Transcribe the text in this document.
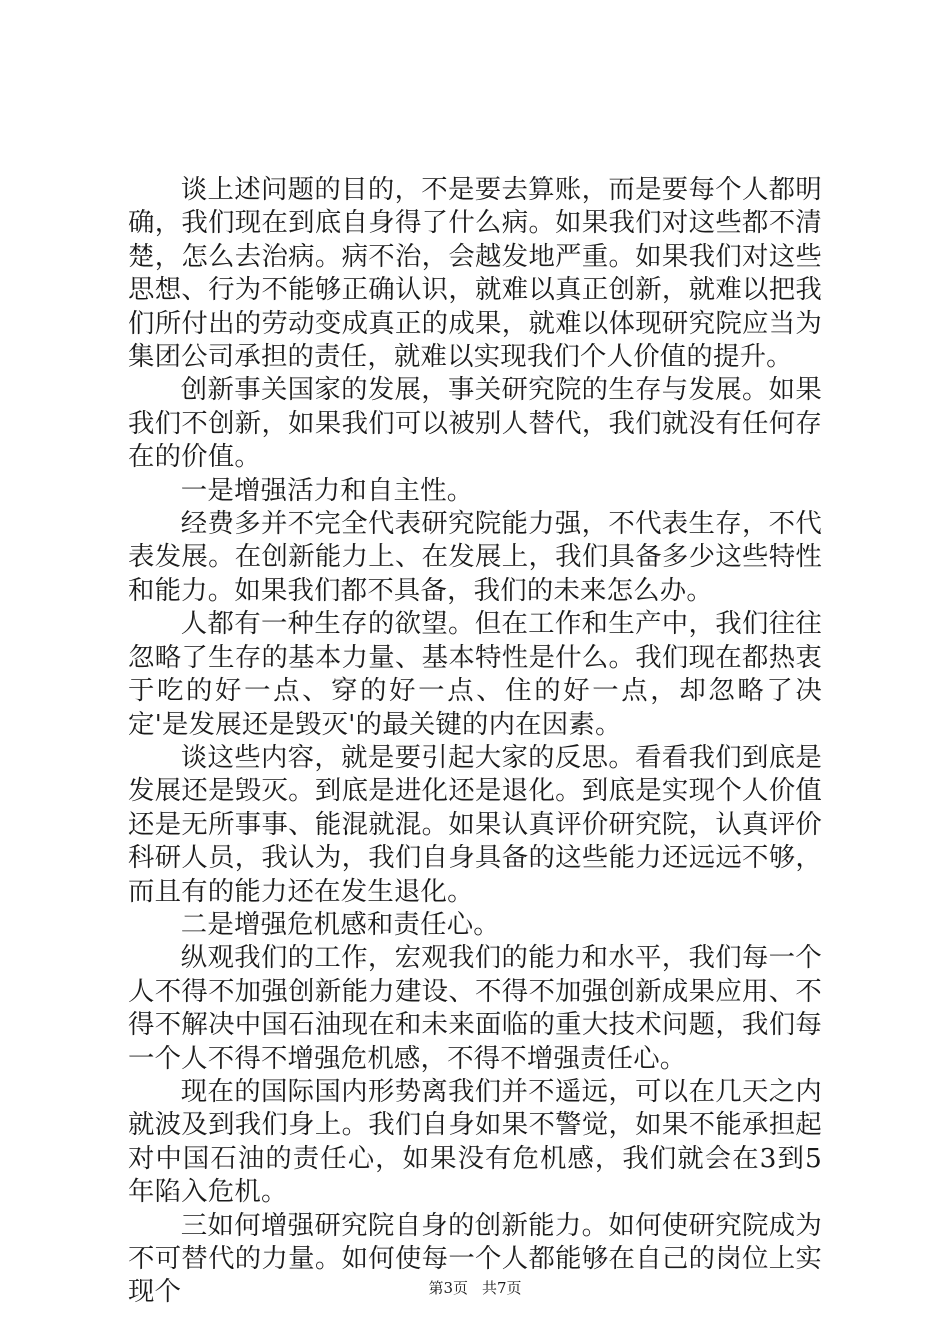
谈上述问题的目的，不是要去算账，而是要每个人都明确，我们现在到底自身得了什么病。如果我们对这些都不清楚，怎么去治病。病不治，会越发地严重。如果我们对这些思想、行为不能够正确认识，就难以真正创新，就难以把我们所付出的劳动变成真正的成果，就难以体现研究院应当为集团公司承担的责任，就难以实现我们个人价值的提升。

创新事关国家的发展，事关研究院的生存与发展。如果我们不创新，如果我们可以被别人替代，我们就没有任何存在的价值。

一是增强活力和自主性。

经费多并不完全代表研究院能力强，不代表生存，不代表发展。在创新能力上、在发展上，我们具备多少这些特性和能力。如果我们都不具备，我们的未来怎么办。

人都有一种生存的欲望。但在工作和生产中，我们往往忽略了生存的基本力量、基本特性是什么。我们现在都热衷于吃的好一点、穿的好一点、住的好一点，却忽略了决定'是发展还是毁灭'的最关键的内在因素。

谈这些内容，就是要引起大家的反思。看看我们到底是发展还是毁灭。到底是进化还是退化。到底是实现个人价值还是无所事事、能混就混。如果认真评价研究院，认真评价科研人员，我认为，我们自身具备的这些能力还远远不够，而且有的能力还在发生退化。

二是增强危机感和责任心。

纵观我们的工作，宏观我们的能力和水平，我们每一个人不得不加强创新能力建设、不得不加强创新成果应用、不得不解决中国石油现在和未来面临的重大技术问题，我们每一个人不得不增强危机感，不得不增强责任心。

现在的国际国内形势离我们并不遥远，可以在几天之内就波及到我们身上。我们自身如果不警觉，如果不能承担起对中国石油的责任心，如果没有危机感，我们就会在3到5年陷入危机。

三如何增强研究院自身的创新能力。如何使研究院成为不可替代的力量。如何使每一个人都能够在自己的岗位上实现个	第3页 共7页
